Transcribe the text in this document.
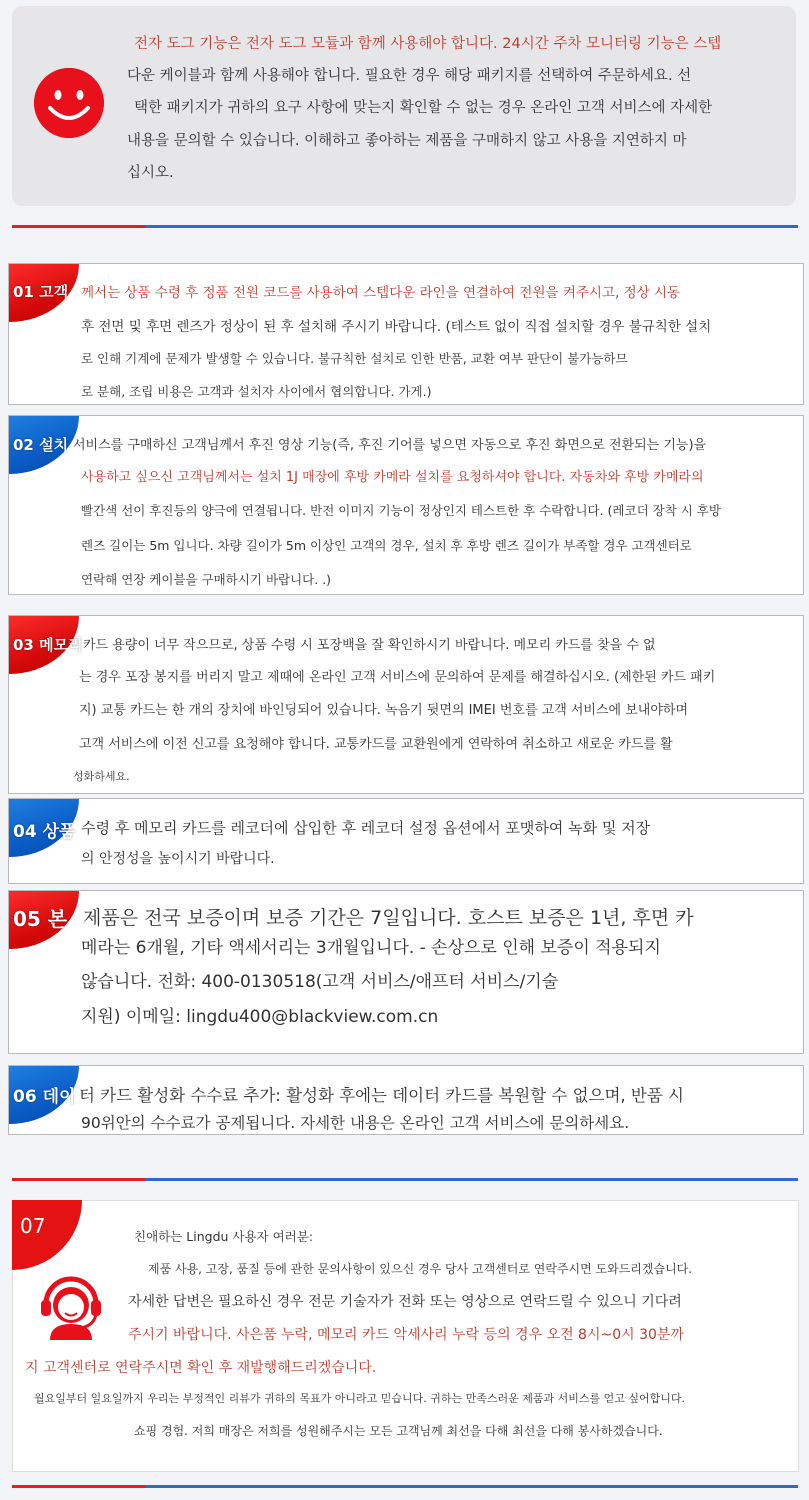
전자 도그 기능은 전자 도그 모듈과 함께 사용해야 합니다. 24시간 주차 모니터링 기능은 스텝
다운 케이블과 함께 사용해야 합니다. 필요한 경우 해당 패키지를 선택하여 주문하세요. 선
택한 패키지가 귀하의 요구 사항에 맞는지 확인할 수 없는 경우 온라인 고객 서비스에 자세한
내용을 문의할 수 있습니다. 이해하고 좋아하는 제품을 구매하지 않고 사용을 지연하지 마
십시오.
01 고객 께서는 상품 수령 후 정품 전원 코드를 사용하여 스텝다운 라인을 연결하여 전원을 켜주시고, 정상 시동
후 전면 및 후면 렌즈가 정상이 된 후 설치해 주시기 바랍니다. (테스트 없이 직접 설치할 경우 불규칙한 설치
로 인해 기계에 문제가 발생할 수 있습니다. 불규칙한 설치로 인한 반품, 교환 여부 판단이 불가능하므
로 분해, 조립 비용은 고객과 설치자 사이에서 협의합니다. 가게.)
02 설치 서비스를 구매하신 고객님께서 후진 영상 기능(즉, 후진 기어를 넣으면 자동으로 후진 화면으로 전환되는 기능)을
사용하고 싶으신 고객님께서는 설치 1J 매장에 후방 카메라 설치를 요청하셔야 합니다. 자동차와 후방 카메라의
빨간색 선이 후진등의 양극에 연결됩니다. 반전 이미지 기능이 정상인지 테스트한 후 수락합니다. (레코더 장착 시 후방
렌즈 길이는 5m 입니다. 차량 길이가 5m 이상인 고객의 경우, 설치 후 후방 렌즈 길이가 부족할 경우 고객센터로
연락해 연장 케이블을 구매하시기 바랍니다. .)
03 메모리 카드 용량이 너무 작으므로, 상품 수령 시 포장백을 잘 확인하시기 바랍니다. 메모리 카드를 찾을 수 없
는 경우 포장 봉지를 버리지 말고 제때에 온라인 고객 서비스에 문의하여 문제를 해결하십시오. (제한된 카드 패키
지) 교통 카드는 한 개의 장치에 바인딩되어 있습니다. 녹음기 뒷면의 IMEI 번호를 고객 서비스에 보내야하며
고객 서비스에 이전 신고를 요청해야 합니다. 교통카드를 교환원에게 연락하여 취소하고 새로운 카드를 활
성화하세요.
04 상품 수령 후 메모리 카드를 레코더에 삽입한 후 레코더 설정 옵션에서 포맷하여 녹화 및 저장
의 안정성을 높이시기 바랍니다.
05 본 제품은 전국 보증이며 보증 기간은 7일입니다. 호스트 보증은 1년, 후면 카
메라는 6개월, 기타 액세서리는 3개월입니다. - 손상으로 인해 보증이 적용되지
않습니다. 전화: 400-0130518(고객 서비스/애프터 서비스/기술
지원) 이메일: lingdu400@blackview.com.cn
06 데이 터 카드 활성화 수수료 추가: 활성화 후에는 데이터 카드를 복원할 수 없으며, 반품 시
90위안의 수수료가 공제됩니다. 자세한 내용은 온라인 고객 서비스에 문의하세요.
07	친애하는 Lingdu 사용자 여러분:
제품 사용, 고장, 품질 등에 관한 문의사항이 있으신 경우 당사 고객센터로 연락주시면 도와드리겠습니다.
자세한 답변은 필요하신 경우 전문 기술자가 전화 또는 영상으로 연락드릴 수 있으니 기다려
주시기 바랍니다. 사은품 누락, 메모리 카드 악세사리 누락 등의 경우 오전 8시~0시 30분까
지 고객센터로 연락주시면 확인 후 재발행해드리겠습니다.
월요일부터 일요일까지 우리는 부정적인 리뷰가 귀하의 목표가 아니라고 믿습니다. 귀하는 만족스러운 제품과 서비스를 얻고 싶어합니다.
쇼핑 경험. 저희 매장은 저희를 성원해주시는 모든 고객님께 최선을 다해 최선을 다해 봉사하겠습니다.
